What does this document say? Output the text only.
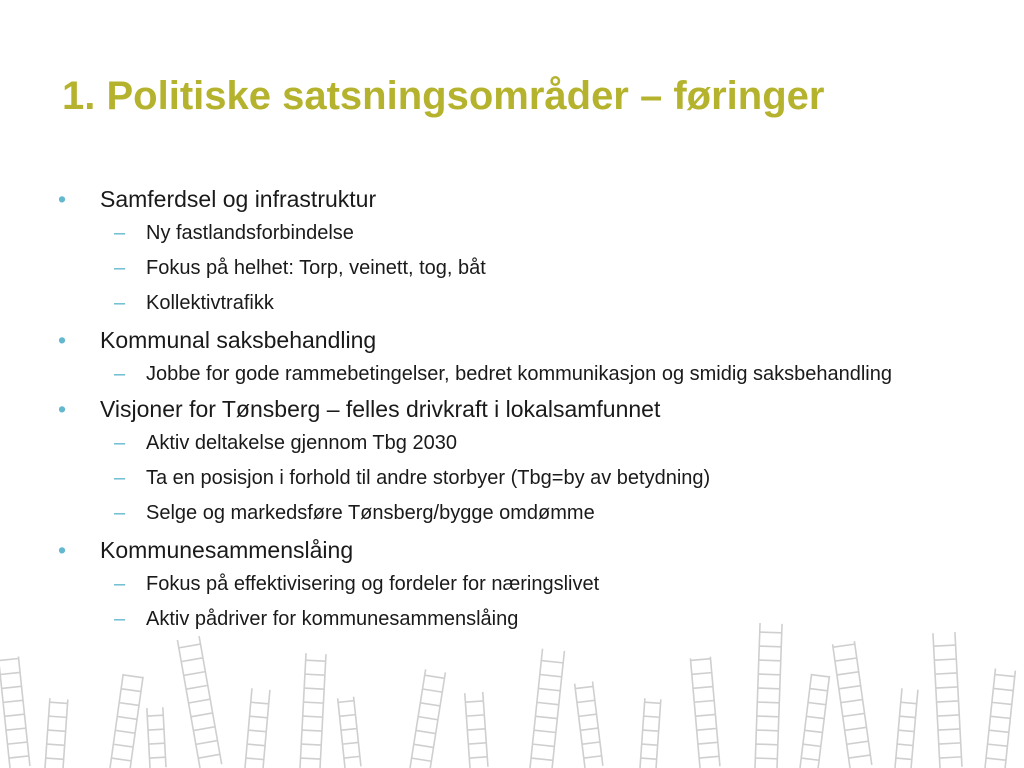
1. Politiske satsningsområder – føringer
• Samferdsel og infrastruktur
– Ny fastlandsforbindelse
– Fokus på helhet: Torp, veinett, tog, båt
– Kollektivtrafikk
• Kommunal saksbehandling
– Jobbe for gode rammebetingelser, bedret kommunikasjon og smidig saksbehandling
• Visjoner for Tønsberg – felles drivkraft i lokalsamfunnet
– Aktiv deltakelse gjennom Tbg 2030
– Ta en posisjon i forhold til andre storbyer (Tbg=by av betydning)
– Selge og markedsføre Tønsberg/bygge omdømme
• Kommunesammenslåing
– Fokus på effektivisering og fordeler for næringslivet
– Aktiv pådriver for kommunesammenslåing
